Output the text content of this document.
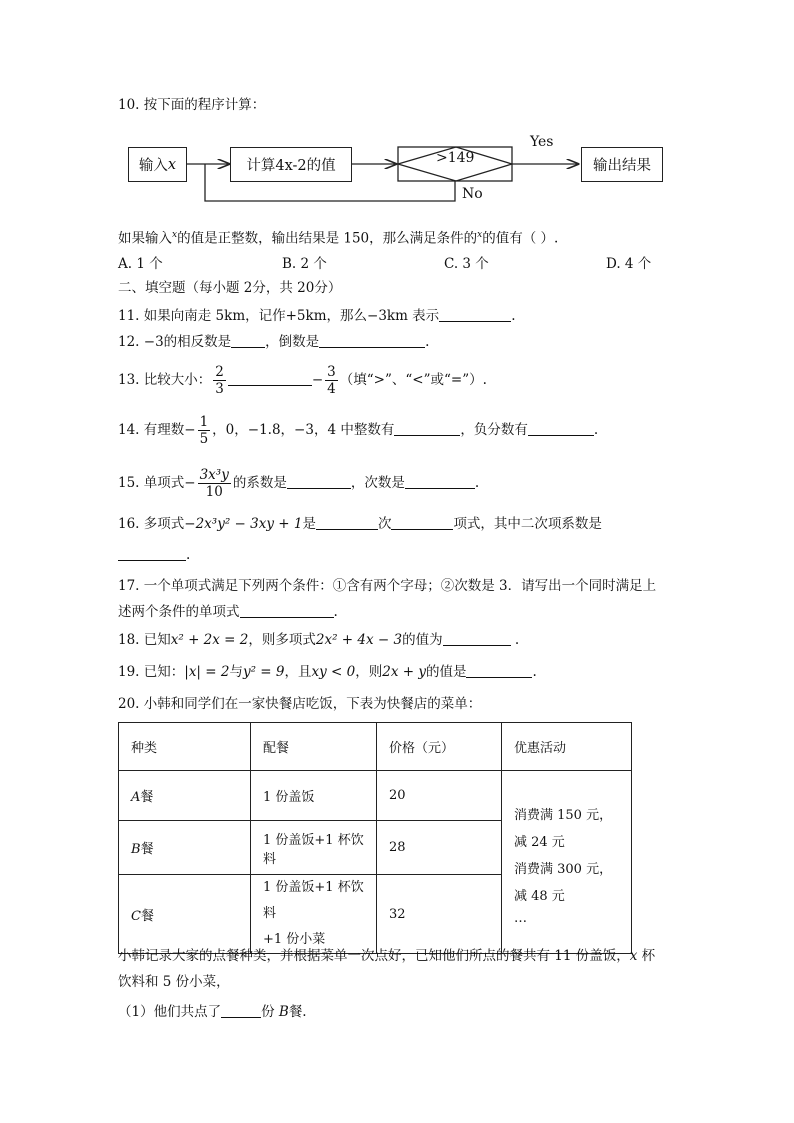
10. 按下面的程序计算：
输入 x	计算4x-2的值	>149
Yes
No
输出结果
如果输入$^x$的值是正整数，输出结果是 150，那么满足条件的$^x$的值有（ ）.
A. 1 个	B. 2 个	C. 3 个	D. 4 个
二、填空题（每小题 2分，共 20分）
11. 如果向南走 5km，记作+5km，那么−3km 表示	.
12. −3的相反数是	，倒数是	.
13. 比较大小： $\frac{2}{3}$	− $\frac{3}{4}$ （填“>”、“<”或“=”）.
14. 有理数− $\frac{1}{5}$ ，0，−1.8，−3，4 中整数有	，负分数有	.
15. 单项式− $\frac{\text{3x³y}}{10}$ 的系数是	，次数是	.
16. 多项式−2x³y² − 3xy + 1是	次	项式，其中二次项系数是
.
17. 一个单项式满足下列两个条件：①含有两个字母；②次数是 3．请写出一个同时满足上
述两个条件的单项式	.
18. 已知x² + 2x = 2，则多项式2x² + 4x − 3的值为	.
19. 已知：|x| = 2与y² = 9，且xy < 0，则2x + y的值是	.
20. 小韩和同学们在一家快餐店吃饭，下表为快餐店的菜单：
种类	配餐	价格（元）	优惠活动
A餐	1 份盖饭	20	消费满 150 元，
减 24 元
消费满 300 元，
减 48 元
…

B餐	1 份盖饭+1 杯饮料	28	
C餐	1 份盖饭+1 杯饮料
+1 份小菜	32	
小韩记录大家的点餐种类，并根据菜单一次点好，已知他们所点的餐共有 11 份盖饭，x 杯
饮料和 5 份小菜，
（1）他们共点了	份 B餐.
